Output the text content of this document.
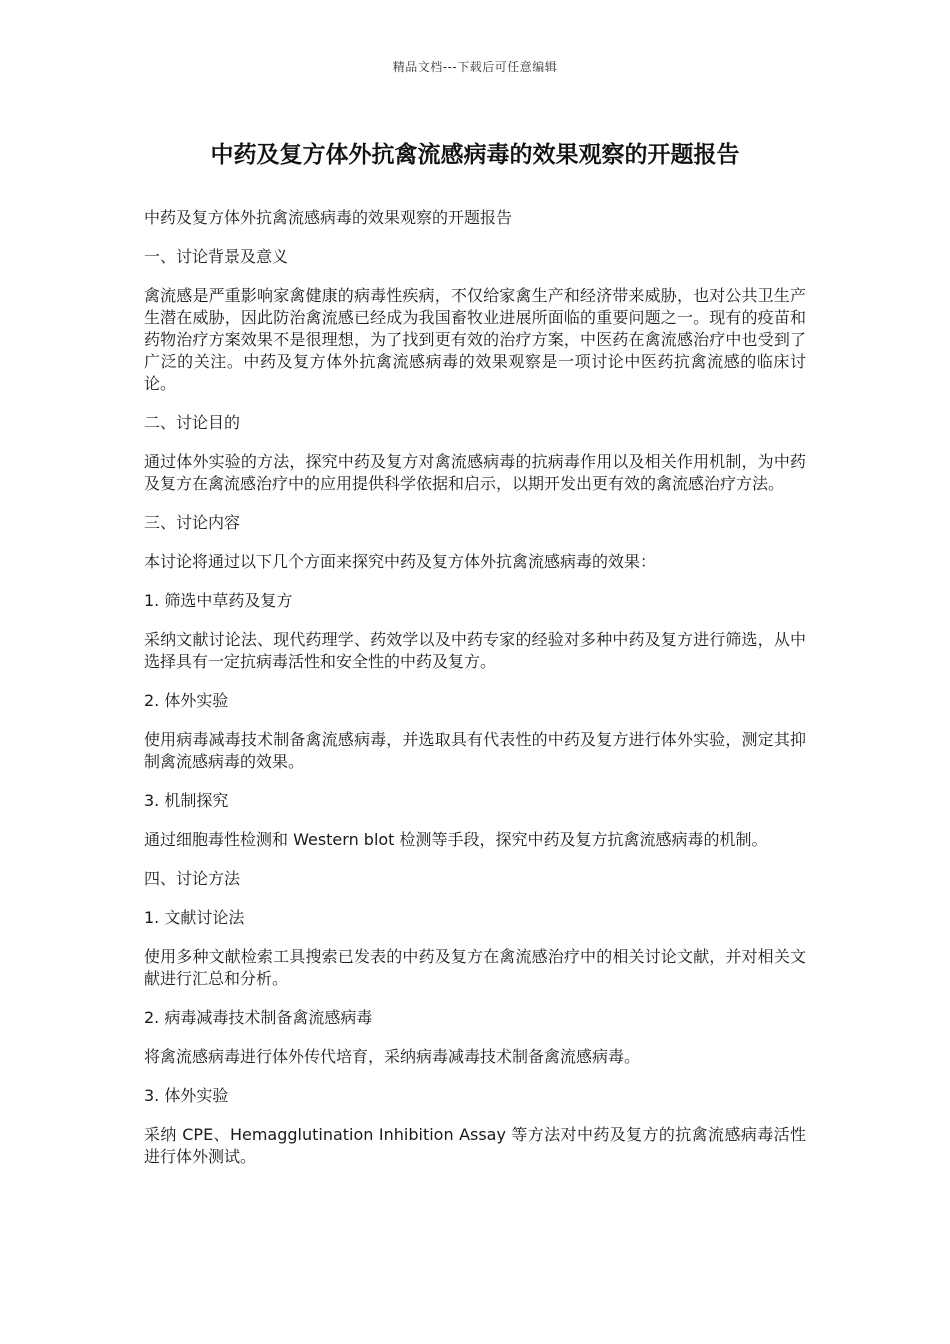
精品文档---下载后可任意编辑
中药及复方体外抗禽流感病毒的效果观察的开题报告

中药及复方体外抗禽流感病毒的效果观察的开题报告

一、讨论背景及意义

禽流感是严重影响家禽健康的病毒性疾病，不仅给家禽生产和经济带来威胁，也对公共卫生产生潜在威胁，因此防治禽流感已经成为我国畜牧业进展所面临的重要问题之一。现有的疫苗和药物治疗方案效果不是很理想，为了找到更有效的治疗方案，中医药在禽流感治疗中也受到了广泛的关注。中药及复方体外抗禽流感病毒的效果观察是一项讨论中医药抗禽流感的临床讨论。

二、讨论目的

通过体外实验的方法，探究中药及复方对禽流感病毒的抗病毒作用以及相关作用机制，为中药及复方在禽流感治疗中的应用提供科学依据和启示，以期开发出更有效的禽流感治疗方法。

三、讨论内容

本讨论将通过以下几个方面来探究中药及复方体外抗禽流感病毒的效果：

1. 筛选中草药及复方

采纳文献讨论法、现代药理学、药效学以及中药专家的经验对多种中药及复方进行筛选，从中选择具有一定抗病毒活性和安全性的中药及复方。

2. 体外实验

使用病毒减毒技术制备禽流感病毒，并选取具有代表性的中药及复方进行体外实验，测定其抑制禽流感病毒的效果。

3. 机制探究

通过细胞毒性检测和 Western blot 检测等手段，探究中药及复方抗禽流感病毒的机制。

四、讨论方法

1. 文献讨论法

使用多种文献检索工具搜索已发表的中药及复方在禽流感治疗中的相关讨论文献，并对相关文献进行汇总和分析。

2. 病毒减毒技术制备禽流感病毒

将禽流感病毒进行体外传代培育，采纳病毒减毒技术制备禽流感病毒。

3. 体外实验

采纳 CPE、Hemagglutination Inhibition Assay 等方法对中药及复方的抗禽流感病毒活性进行体外测试。
